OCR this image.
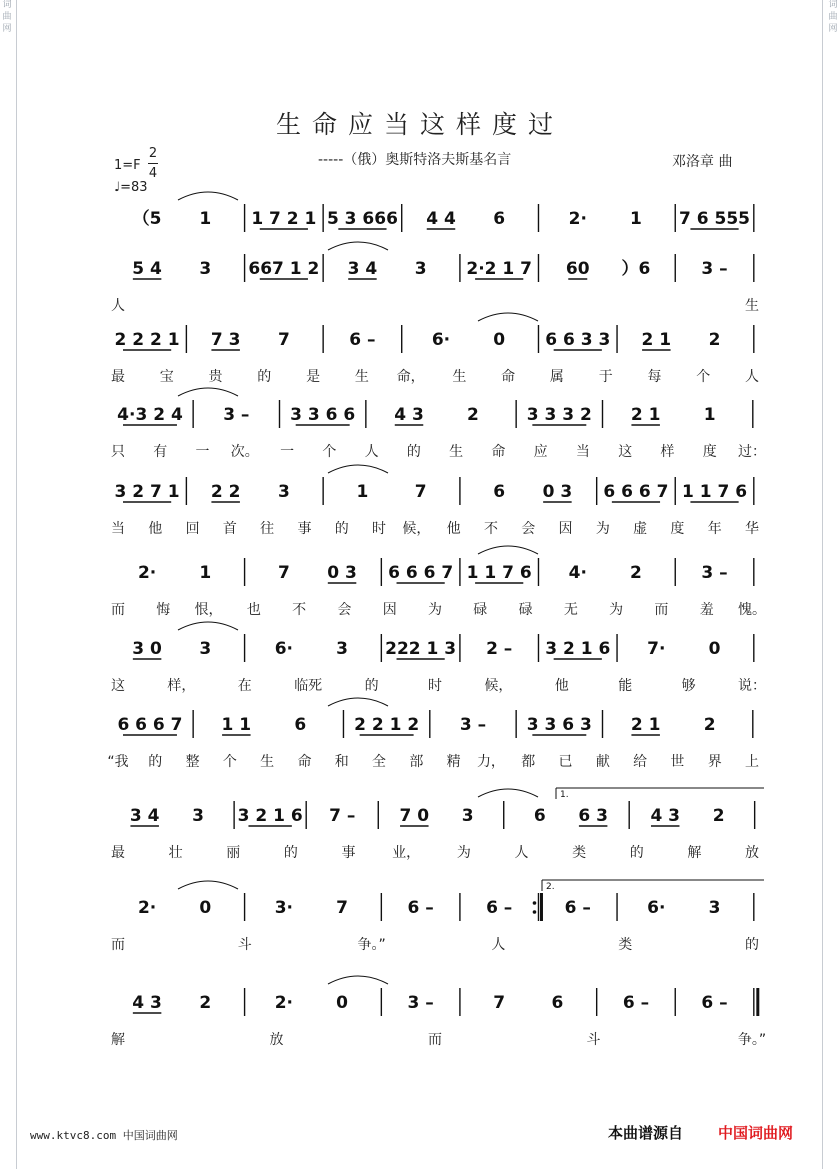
词
曲
网
词
曲
网
生命应当这样度过
-----（俄）奥斯特洛夫斯基名言	邓洛章 曲
1=F
2
4
♩=83
（5 1 1 7 2 1 5 3 666 4 4 6	2·	1 7 6 555
5 4 3 667 1 2 3 4 3 2·2 1 7 60 ）6	3 –
人	生
2 2 2 1 7 3 7	6 –	6·	0 6 6 3 3 2 1 2
最 宝 贵 的 是 生 命， 生 命 属 于 每 个 人
4·3 2 4 3 – 3 3 6 6 4 3	2	3 3 3 2 2 1	1
只 有 一 次。 一 个 人 的 生 命 应 当 这 样 度 过：
3 2 7 1 2 2 3	1	7	6 0 3 6 6 6 7 1 1 7 6
当 他 回 首 往 事 的 时 候， 他 不 会 因 为 虚 度 年 华
2·	1	7 0 3 6 6 6 7 1 1 7 6 4·	2	3 –
而 悔 恨， 也 不 会 因 为 碌 碌 无 为 而 羞 愧。
3 0 3	6·	3 222 1 3 2 – 3 2 1 6 7·	0
这	样，	在	临死	的	时	候，	他	能	够	说：
6 6 6 7 1 1	6	2 2 1 2 3 – 3 3 6 3 2 1	2
“我 的 整 个 生 命 和 全 部 精 力， 都 已 献 给 世 界 上
3 4 3 3 2 1 6 7 –	7 0 3	6 6 3 4 3 2
最	壮	丽	的	事	业，	为	人	类	的	解	放
1.
2·	0	3·	7	6 –	6 –	6 –	6·	3
而	斗	争。”	人	类	的
2.
4 3 2	2·	0	3 –	7	6	6 –	6 –
解	放	而	斗	争。”
www.ktvc8.com 中国词曲网	本曲谱源自 中国词曲网
